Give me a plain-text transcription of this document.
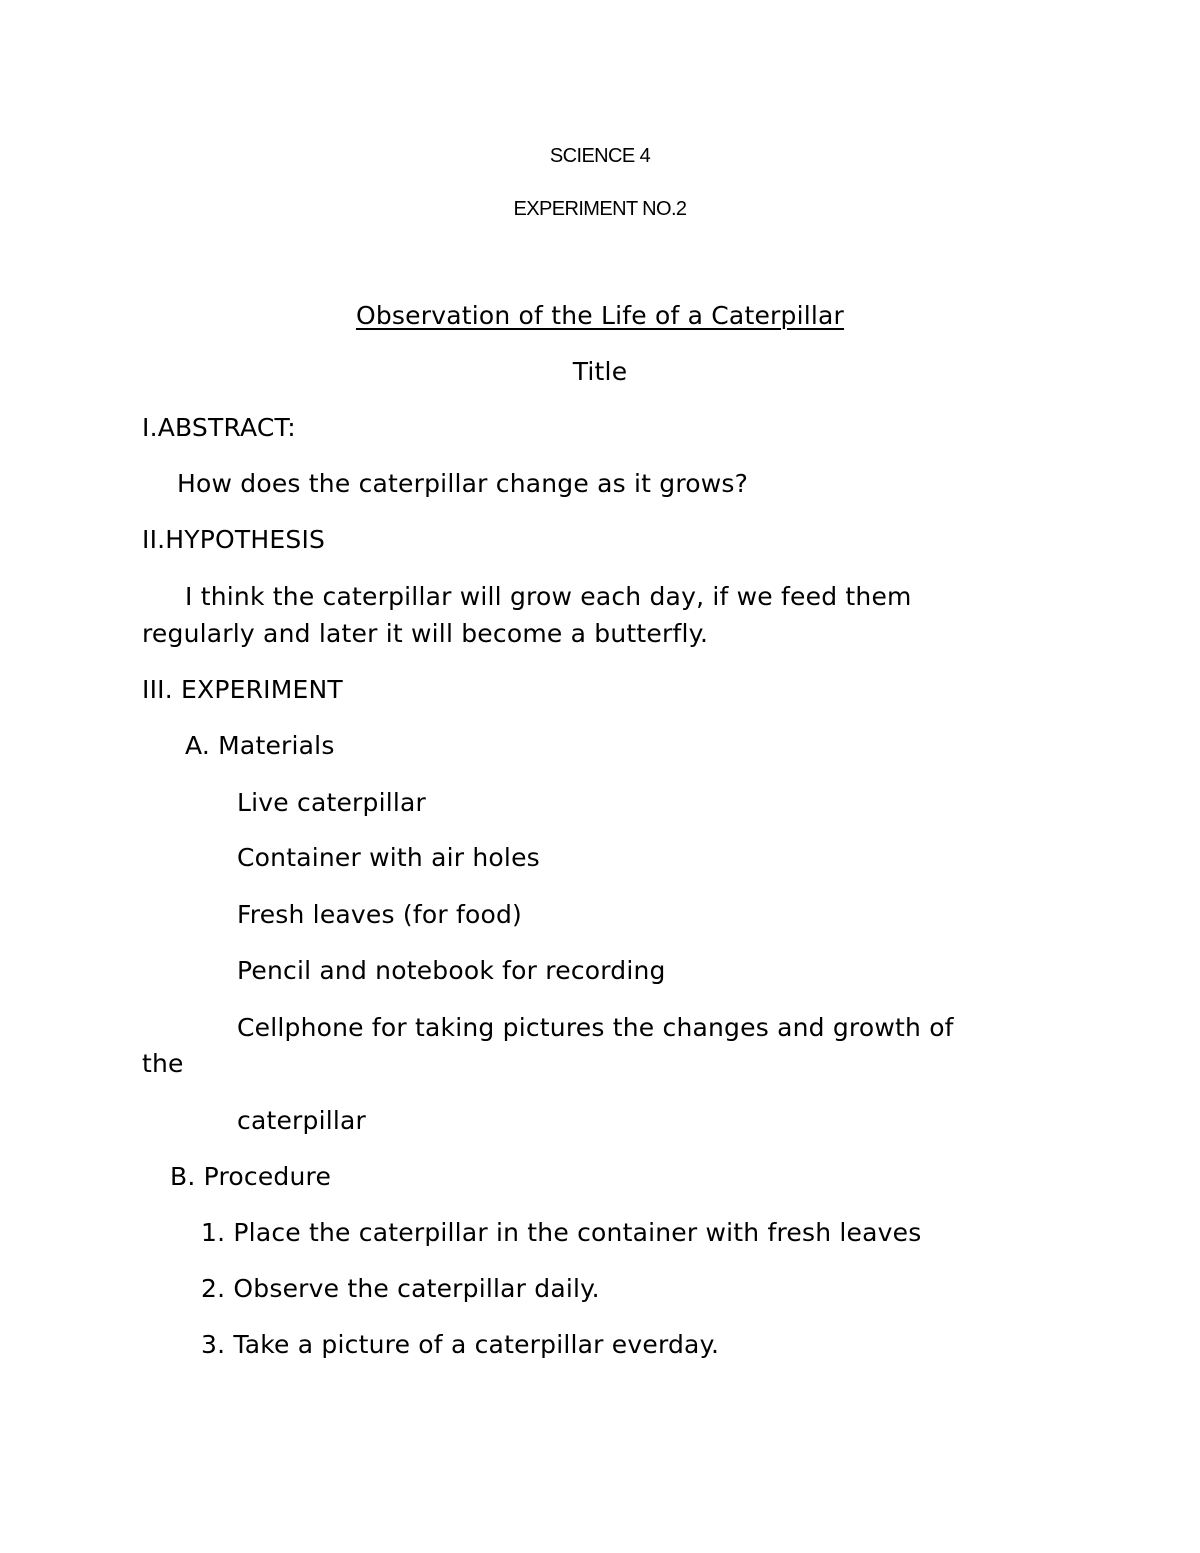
SCIENCE 4
EXPERIMENT NO.2
Observation of the Life of a Caterpillar
Title
I.ABSTRACT:
How does the caterpillar change as it grows?
II.HYPOTHESIS
I think the caterpillar will grow each day, if we feed them
regularly and later it will become a butterfly.
III. EXPERIMENT
A. Materials
Live caterpillar
Container with air holes
Fresh leaves (for food)
Pencil and notebook for recording
Cellphone for taking pictures the changes and growth of
the
caterpillar
B. Procedure
1. Place the caterpillar in the container with fresh leaves
2. Observe the caterpillar daily.
3. Take a picture of a caterpillar everday.
